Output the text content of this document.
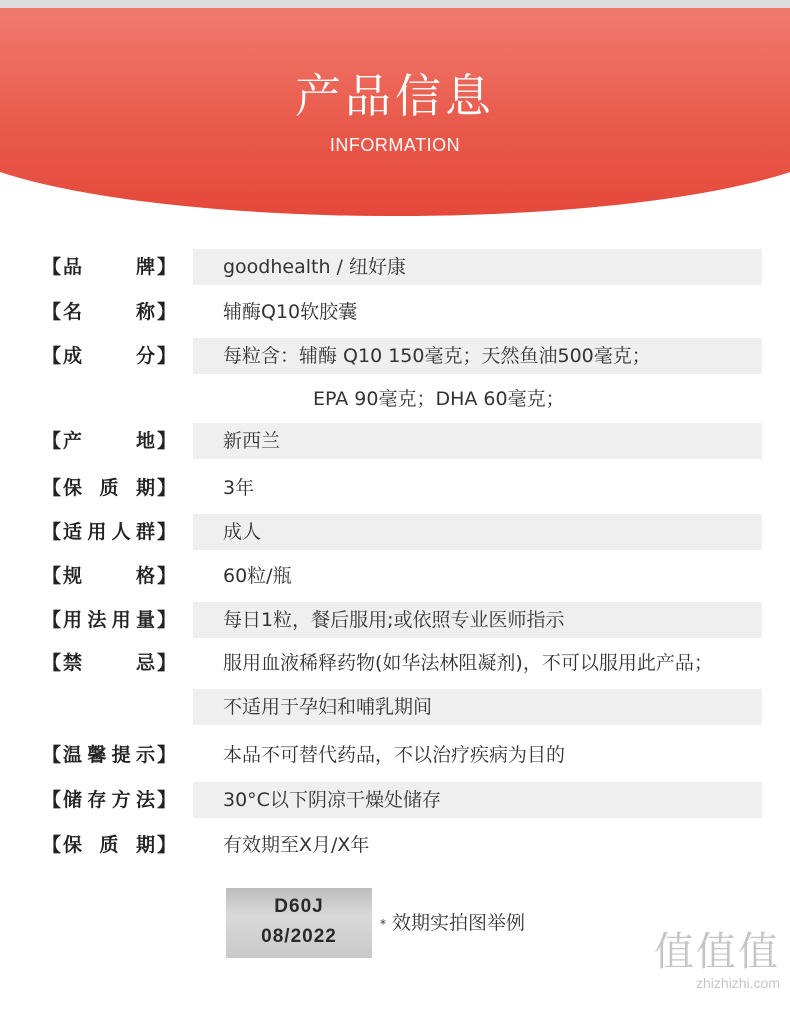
产品信息
INFORMATION
【 品	牌 】	goodhealth / 纽好康
【 名	称 】	辅酶Q10软胶囊
【 成	分 】	每粒含：辅酶 Q10 150毫克；天然鱼油500毫克；
EPA 90毫克；DHA 60毫克；
【 产	地 】	新西兰
【 保 质 期 】	3年
【 适 用 人 群 】	成人
【 规	格 】	60粒/瓶
【 用 法 用 量 】	每日1粒，餐后服用;或依照专业医师指示
【 禁	忌 】	服用血液稀释药物(如华法林阻凝剂)，不可以服用此产品；
不适用于孕妇和哺乳期间
【 温 馨 提 示 】	本品不可替代药品，不以治疗疾病为目的
【 储 存 方 法 】	30°C以下阴凉干燥处储存
【 保 质 期 】	有效期至X月/X年
D60J
08/2022
* 效期实拍图举例
值值值
zhizhizhi.com
